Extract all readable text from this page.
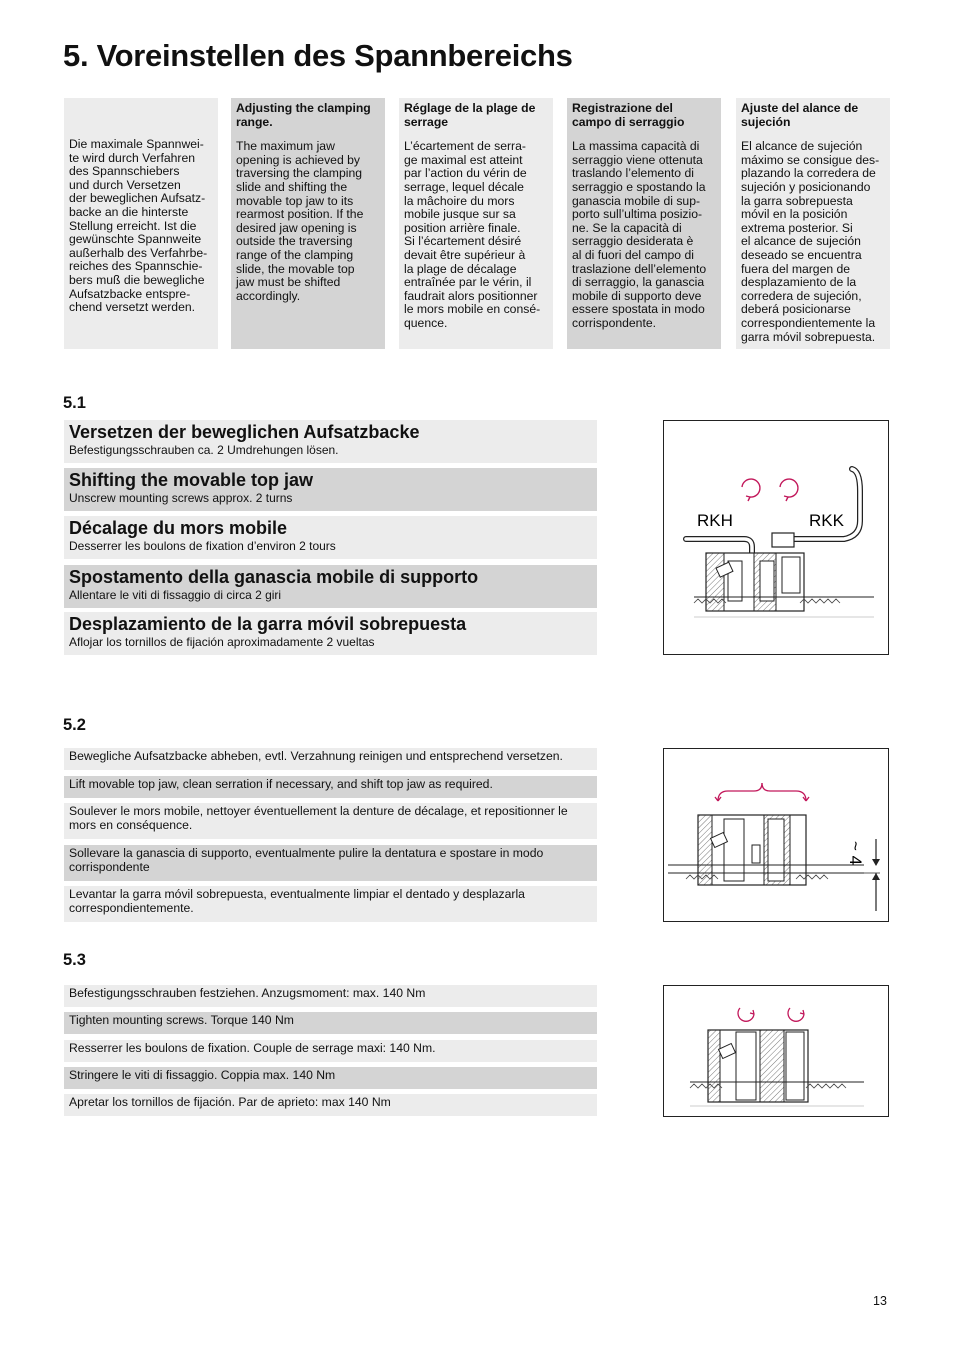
5. Voreinstellen des Spannbereichs

Die maximale Spannwei-
te wird durch Verfahren
des Spannschiebers
und durch Versetzen
der beweglichen Aufsatz-
backe an die hinterste
Stellung erreicht. Ist die
gewünschte Spannweite
außerhalb des Verfahrbe-
reiches des Spannschie-
bers muß die bewegliche
Aufsatzbacke entspre-
chend versetzt werden.

Adjusting the clamping
range.

The maximum jaw
opening is achieved by
traversing the clamping
slide and shifting the
movable top jaw to its
rearmost position. If the
desired jaw opening is
outside the traversing
range of the clamping
slide, the movable top
jaw must be shifted
accordingly.

Réglage de la plage de
serrage

L’écartement de serra-
ge maximal est atteint
par l’action du vérin de
serrage, lequel décale
la mâchoire du mors
mobile jusque sur sa
position arrière finale.
Si l’écartement désiré
devait être supérieur à
la plage de décalage
entraînée par le vérin, il
faudrait alors positionner
le mors mobile en consé-
quence.

Registrazione del
campo di serraggio

La massima capacità di
serraggio viene ottenuta
traslando l’elemento di
serraggio e spostando la
ganascia mobile di sup-
porto sull’ultima posizio-
ne. Se la capacità di
serraggio desiderata è
al di fuori del campo di
traslazione dell’elemento
di serraggio, la ganascia
mobile di supporto deve
essere spostata in modo
corrispondente.

Ajuste del alance de
sujeción

El alcance de sujeción
máximo se consigue des-
plazando la corredera de
sujeción y posicionando
la garra sobrepuesta
móvil en la posición
extrema posterior. Si
el alcance de sujeción
deseado se encuentra
fuera del margen de
desplazamiento de la
corredera de sujeción,
deberá posicionarse
correspondientemente la
garra móvil sobrepuesta.

5.1
Versetzen der beweglichen Aufsatzbacke
Befestigungsschrauben ca. 2 Umdrehungen lösen.
Shifting the movable top jaw
Unscrew mounting screws approx. 2 turns
Décalage du mors mobile
Desserrer les boulons de fixation d’environ 2 tours
Spostamento della ganascia mobile di supporto
Allentare le viti di fissaggio di circa 2 giri
Desplazamiento de la garra móvil sobrepuesta
Aflojar los tornillos de fijación aproximadamente 2 vueltas
RKH	RKK
5.2
Bewegliche Aufsatzbacke abheben, evtl. Verzahnung reinigen und entsprechend versetzen.
Lift movable top jaw, clean serration if necessary, and shift top jaw as required.
Soulever le mors mobile, nettoyer éventuellement la denture de décalage, et repositionner le mors en conséquence.
Sollevare la ganascia di supporto, eventualmente pulire la dentatura e spostare in modo corrispondente
Levantar la garra móvil sobrepuesta, eventualmente limpiar el dentado y desplazarla correspondientemente.
~ 4
5.3
Befestigungsschrauben festziehen. Anzugsmoment: max. 140 Nm
Tighten mounting screws. Torque 140 Nm
Resserrer les boulons de fixation. Couple de serrage maxi: 140 Nm.
Stringere le viti di fissaggio. Coppia max. 140 Nm
Apretar los tornillos de fijación. Par de aprieto: max 140 Nm
13
